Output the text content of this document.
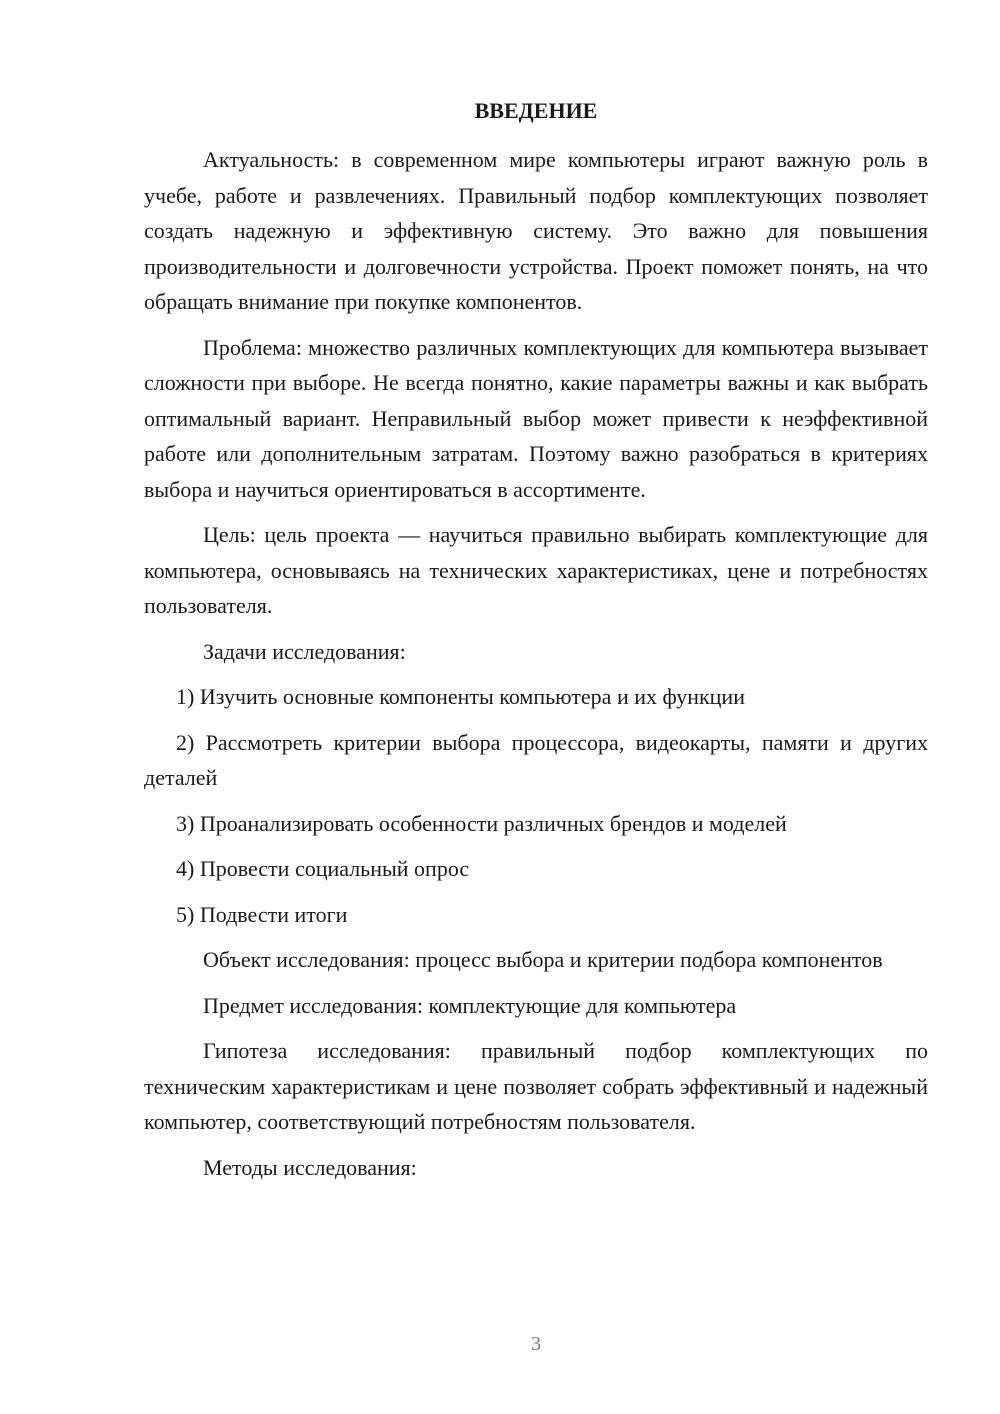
ВВЕДЕНИЕ

Актуальность: в современном мире компьютеры играют важную роль в учебе, работе и развлечениях. Правильный подбор комплектующих позволяет создать надежную и эффективную систему. Это важно для повышения производительности и долговечности устройства. Проект поможет понять, на что обращать внимание при покупке компонентов.

Проблема: множество различных комплектующих для компьютера вызывает сложности при выборе. Не всегда понятно, какие параметры важны и как выбрать оптимальный вариант. Неправильный выбор может привести к неэффективной работе или дополнительным затратам. Поэтому важно разобраться в критериях выбора и научиться ориентироваться в ассортименте.

Цель: цель проекта — научиться правильно выбирать комплектующие для компьютера, основываясь на технических характеристиках, цене и потребностях пользователя.

Задачи исследования:

1) Изучить основные компоненты компьютера и их функции

2) Рассмотреть критерии выбора процессора, видеокарты, памяти и других деталей

3) Проанализировать особенности различных брендов и моделей

4) Провести социальный опрос

5) Подвести итоги

Объект исследования: процесс выбора и критерии подбора компонентов

Предмет исследования: комплектующие для компьютера

Гипотеза исследования: правильный подбор комплектующих по техническим характеристикам и цене позволяет собрать эффективный и надежный компьютер, соответствующий потребностям пользователя.

Методы исследования:

3
